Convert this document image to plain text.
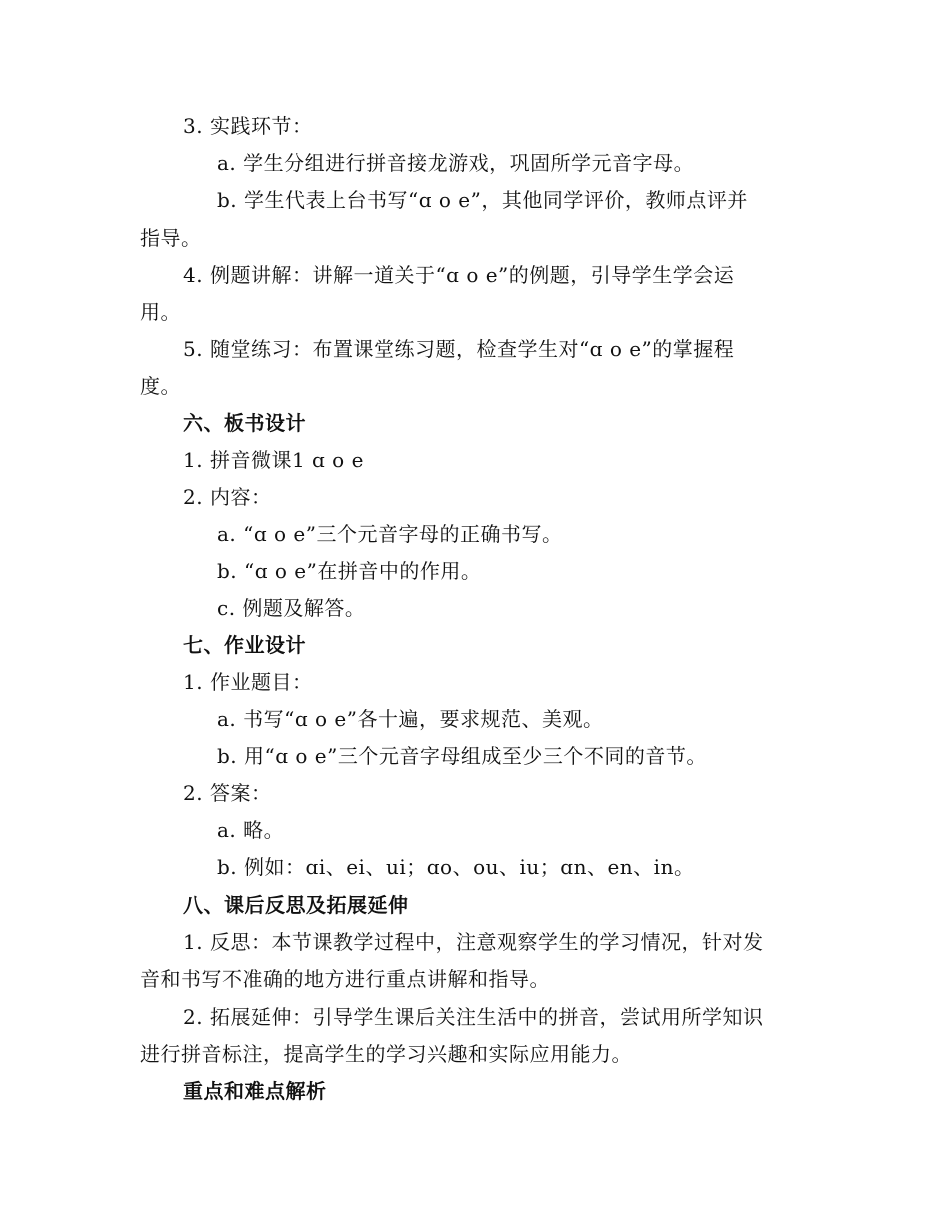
3. 实践环节：
a. 学生分组进行拼音接龙游戏，巩固所学元音字母。
b. 学生代表上台书写“ɑ o e”，其他同学评价，教师点评并
指导。
4. 例题讲解：讲解一道关于“ɑ o e”的例题，引导学生学会运
用。
5. 随堂练习：布置课堂练习题，检查学生对“ɑ o e”的掌握程
度。
六、板书设计
1. 拼音微课1 ɑ o e
2. 内容：
a. “ɑ o e”三个元音字母的正确书写。
b. “ɑ o e”在拼音中的作用。
c. 例题及解答。
七、作业设计
1. 作业题目：
a. 书写“ɑ o e”各十遍，要求规范、美观。
b. 用“ɑ o e”三个元音字母组成至少三个不同的音节。
2. 答案：
a. 略。
b. 例如：ɑi、ei、ui；ɑo、ou、iu；ɑn、en、in。
八、课后反思及拓展延伸
1. 反思：本节课教学过程中，注意观察学生的学习情况，针对发
音和书写不准确的地方进行重点讲解和指导。
2. 拓展延伸：引导学生课后关注生活中的拼音，尝试用所学知识
进行拼音标注，提高学生的学习兴趣和实际应用能力。
重点和难点解析
